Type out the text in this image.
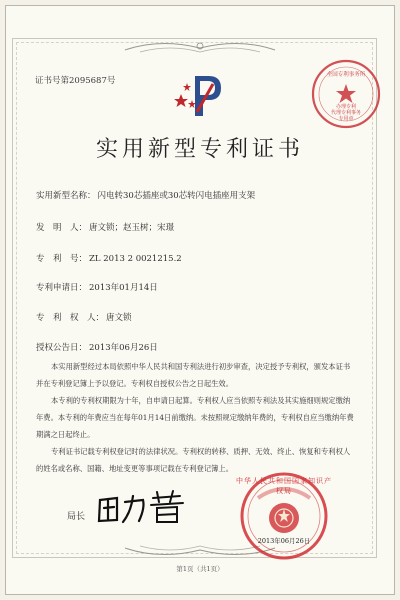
证书号第2095687号
全国专利事务所
办理专利
代理专利事务
专用章
实用新型专利证书
实用新型名称： 闪电转30芯插座或30芯转闪电插座用支架
发　明　人： 唐文锁；赵玉树；宋璟
专　利　号： ZL 2013 2 0021215.2
专利申请日： 2013年01月14日
专　利　权　人： 唐文锁
授权公告日： 2013年06月26日
本实用新型经过本局依照中华人民共和国专利法进行初步审查，决定授予专利权，颁发本证书并在专利登记簿上予以登记。专利权自授权公告之日起生效。
本专利的专利权期限为十年，自申请日起算。专利权人应当依照专利法及其实施细则规定缴纳年费。本专利的年费应当在每年01月14日前缴纳。未按照规定缴纳年费的，专利权自应当缴纳年费期满之日起终止。
专利证书记载专利权登记时的法律状况。专利权的转移、质押、无效、终止、恢复和专利权人的姓名或名称、国籍、地址变更等事项记载在专利登记簿上。
局长
中华人民共和国国家知识产权局
2013年06月26日
第1页（共1页）
